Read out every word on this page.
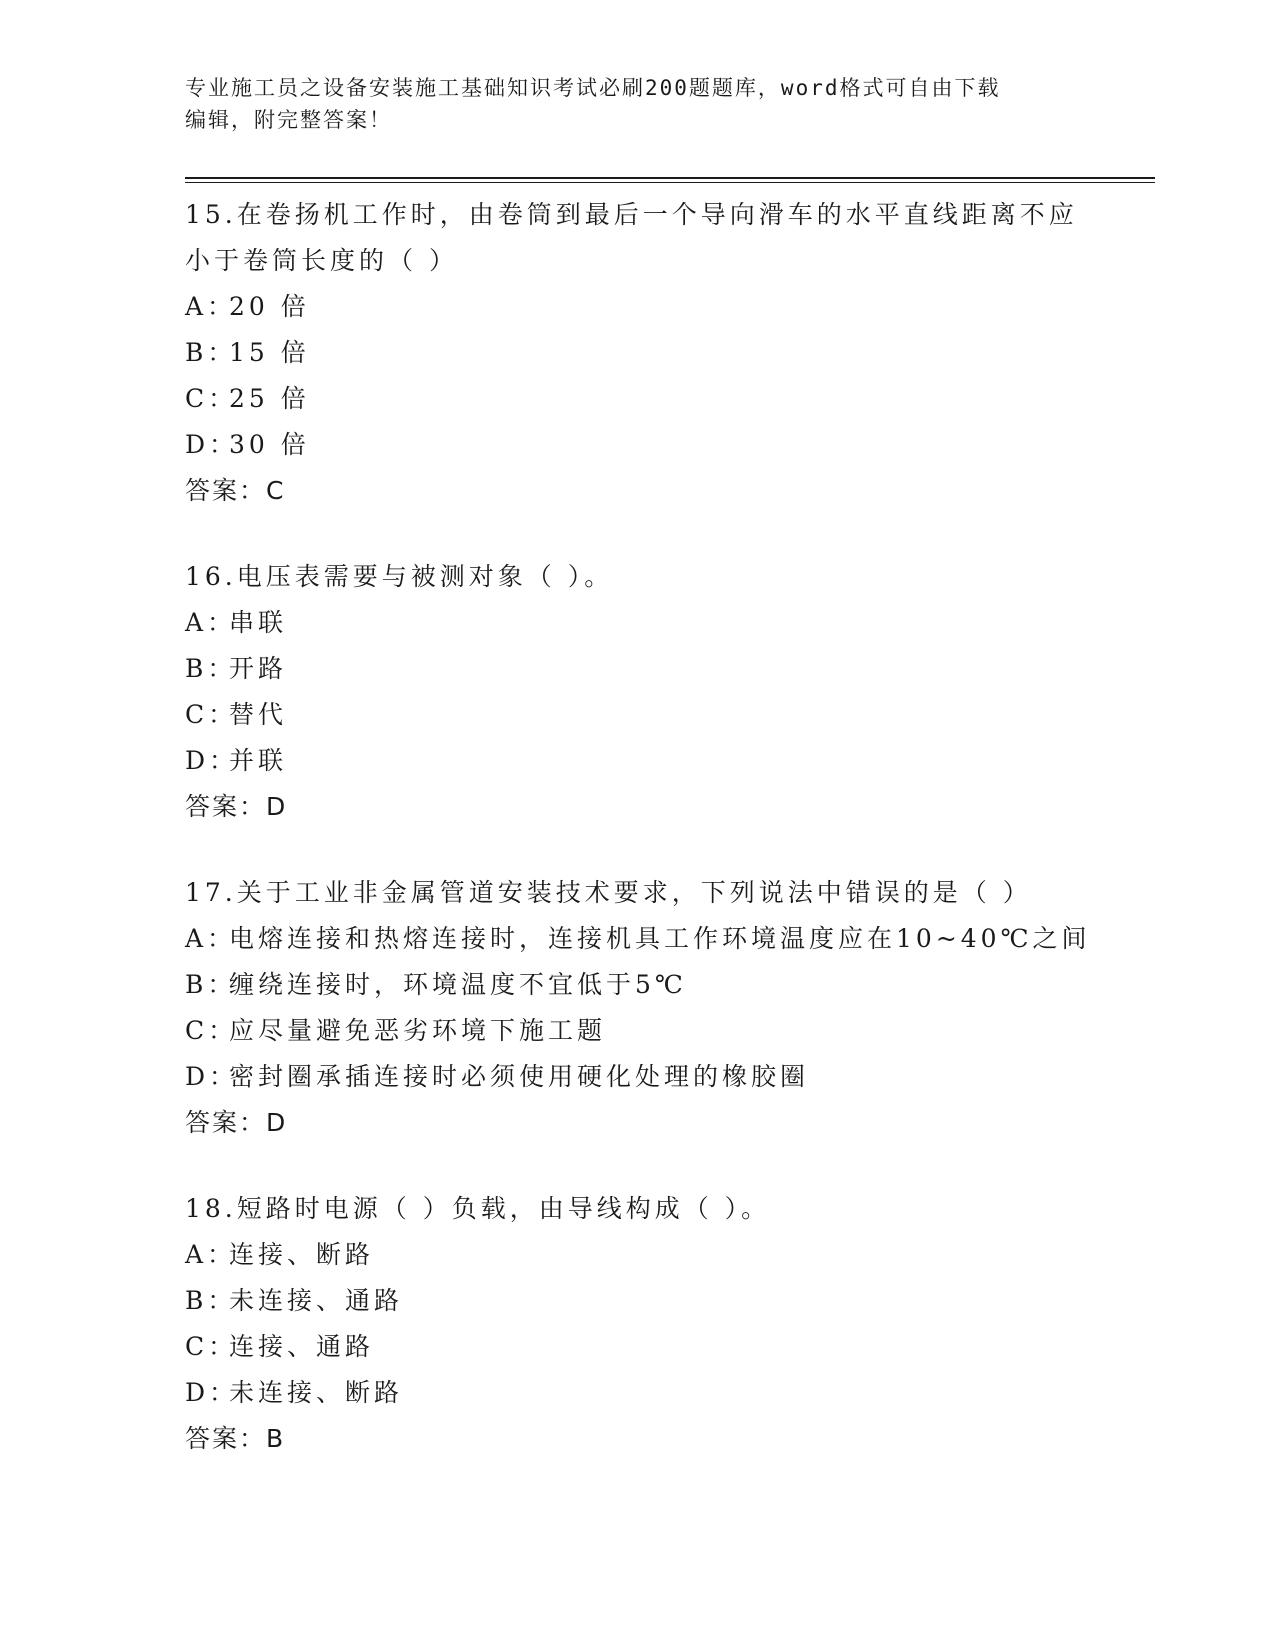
专业施工员之设备安装施工基础知识考试必刷200题题库，word格式可自由下载
编辑，附完整答案！
15.在卷扬机工作时，由卷筒到最后一个导向滑车的水平直线距离不应小于卷筒长度的（ ）
A：20 倍
B：15 倍
C：25 倍
D：30 倍
答案：C
16.电压表需要与被测对象（ ）。
A：串联
B：开路
C：替代
D：并联
答案：D
17.关于工业非金属管道安装技术要求，下列说法中错误的是（ ）
A：电熔连接和热熔连接时，连接机具工作环境温度应在10~40℃之间
B：缠绕连接时，环境温度不宜低于5℃
C：应尽量避免恶劣环境下施工题
D：密封圈承插连接时必须使用硬化处理的橡胶圈
答案：D
18.短路时电源（ ）负载，由导线构成（ ）。
A：连接、断路
B：未连接、通路
C：连接、通路
D：未连接、断路
答案：B
